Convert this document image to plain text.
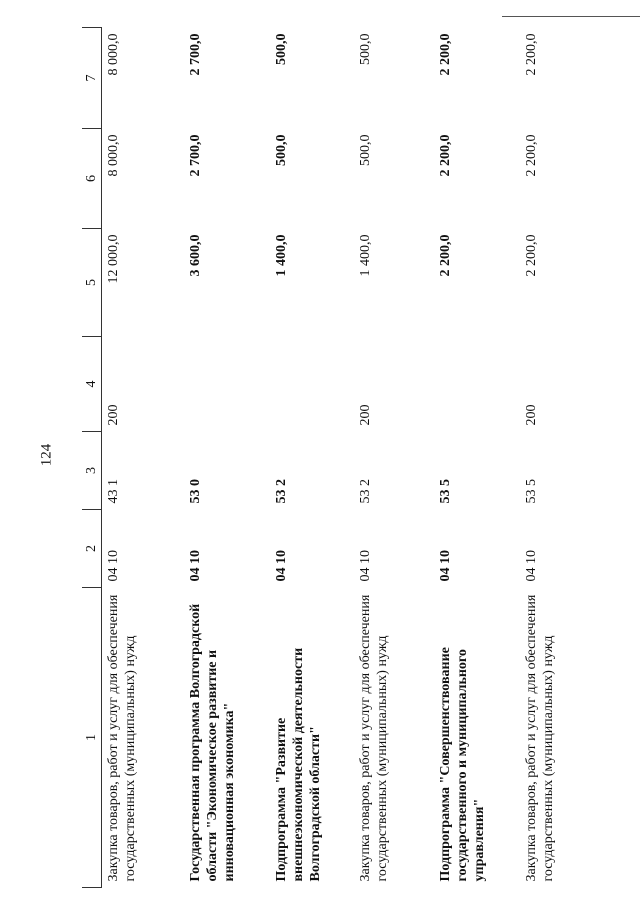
124
1	2	3	4	5	6	7
Закупка товаров, работ и услуг для обеспечения государственных (муниципальных) нужд	04 10	43 1	200	12 000,0	8 000,0	8 000,0
Государственная программа Волгоградской области "Экономическое развитие и инновационная экономика"	04 10	53 0		3 600,0	2 700,0	2 700,0
Подпрограмма "Развитие внешнеэкономической деятельности Волгоградской области"	04 10	53 2		1 400,0	500,0	500,0
Закупка товаров, работ и услуг для обеспечения государственных (муниципальных) нужд	04 10	53 2	200	1 400,0	500,0	500,0
Подпрограмма "Совершенствование государственного и муниципального управления"	04 10	53 5		2 200,0	2 200,0	2 200,0
Закупка товаров, работ и услуг для обеспечения государственных (муниципальных) нужд	04 10	53 5	200	2 200,0	2 200,0	2 200,0
